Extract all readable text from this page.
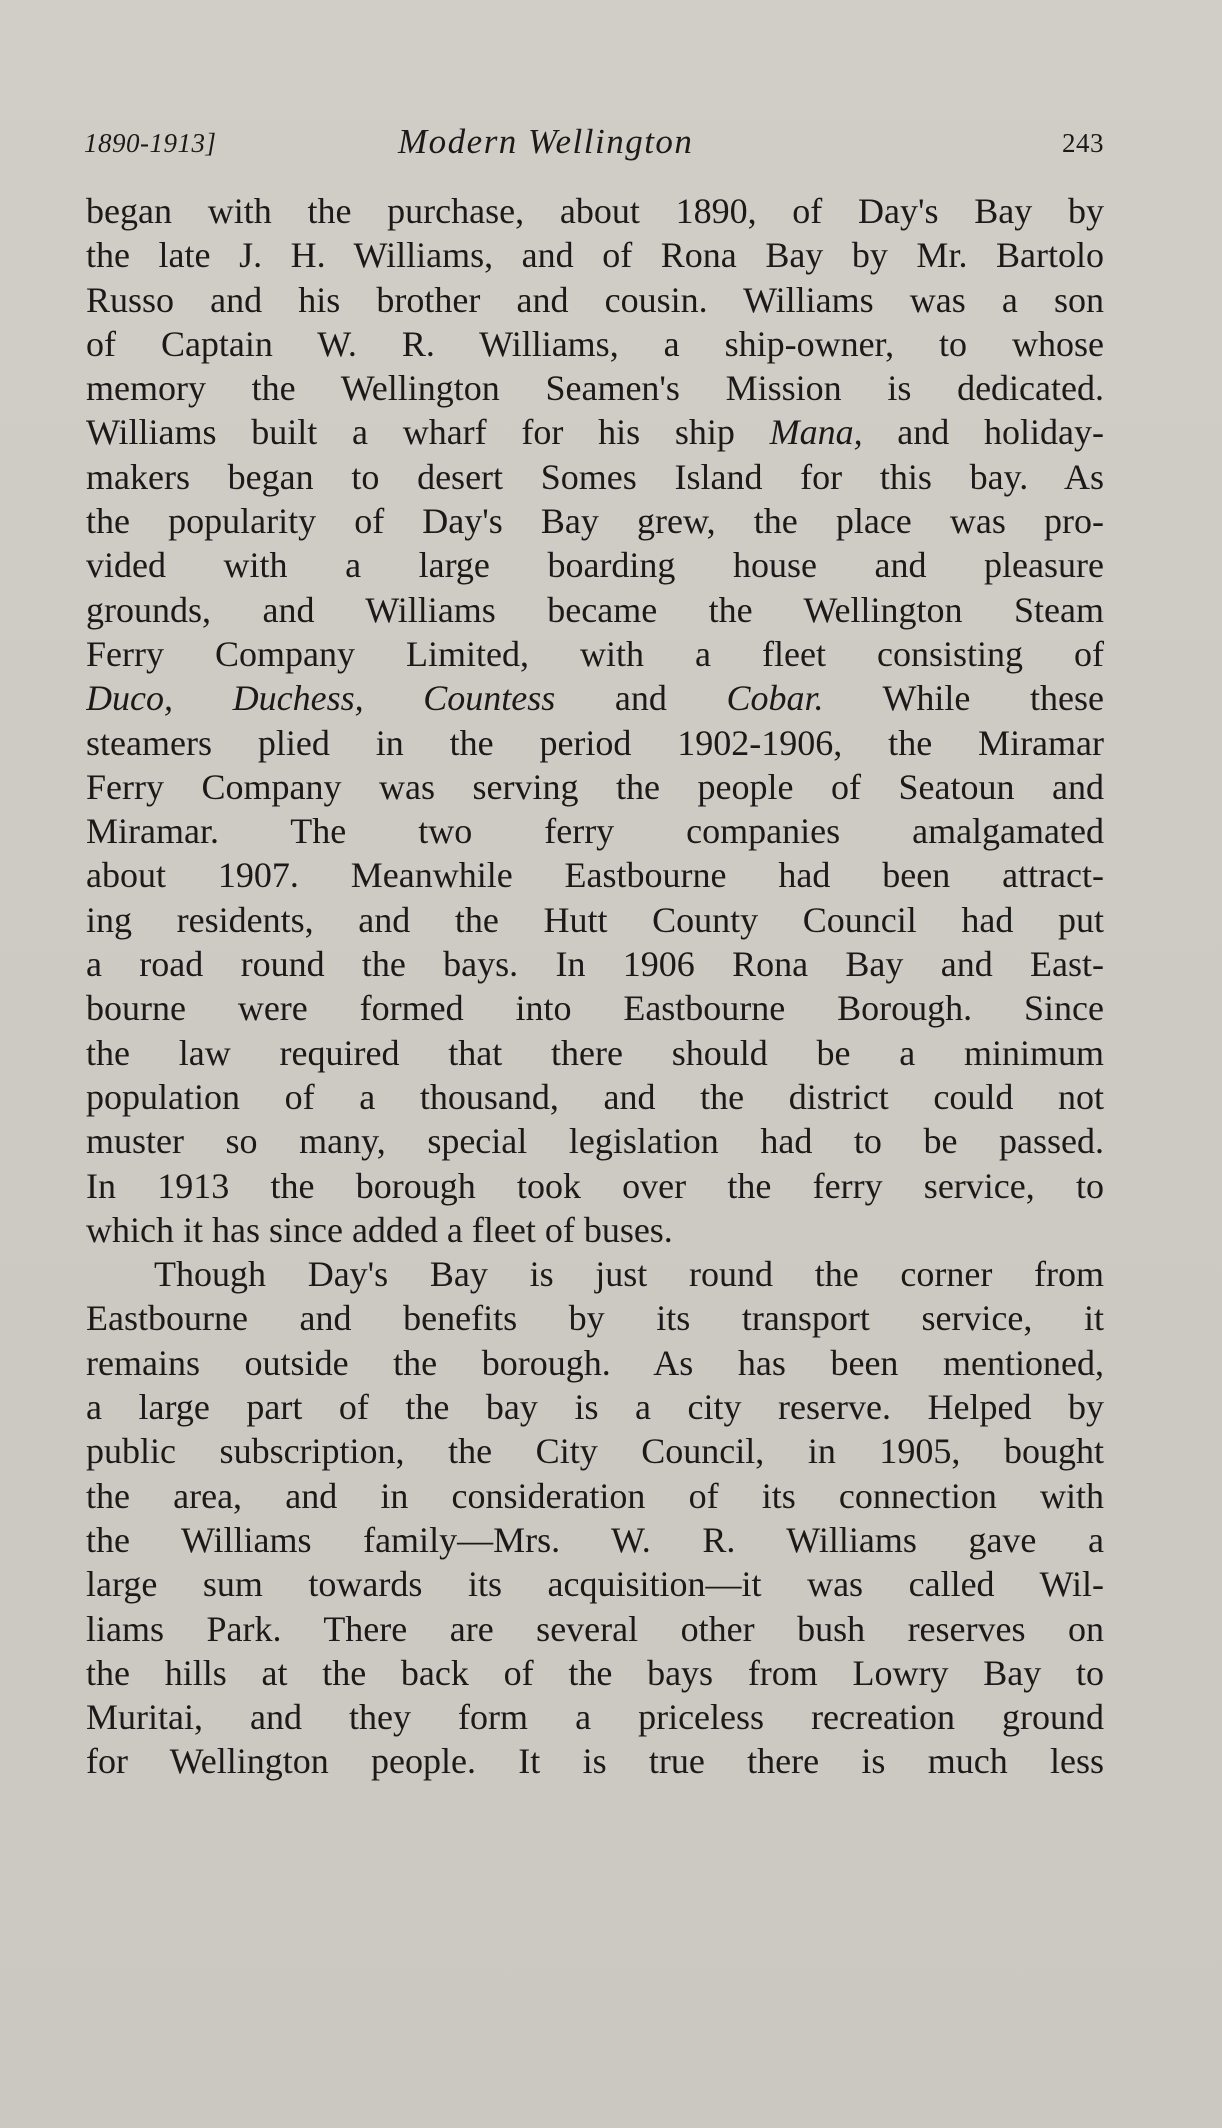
1890-1913]	Modern Wellington	243
began with the purchase, about 1890, of Day's Bay by
the late J. H. Williams, and of Rona Bay by Mr. Bartolo
Russo and his brother and cousin. Williams was a son
of Captain W. R. Williams, a ship-owner, to whose
memory the Wellington Seamen's Mission is dedicated.
Williams built a wharf for his ship Mana, and holiday-
makers began to desert Somes Island for this bay. As
the popularity of Day's Bay grew, the place was pro-
vided with a large boarding house and pleasure
grounds, and Williams became the Wellington Steam
Ferry Company Limited, with a fleet consisting of
Duco, Duchess, Countess and Cobar. While these
steamers plied in the period 1902-1906, the Miramar
Ferry Company was serving the people of Seatoun and
Miramar. The two ferry companies amalgamated
about 1907. Meanwhile Eastbourne had been attract-
ing residents, and the Hutt County Council had put
a road round the bays. In 1906 Rona Bay and East-
bourne were formed into Eastbourne Borough. Since
the law required that there should be a minimum
population of a thousand, and the district could not
muster so many, special legislation had to be passed.
In 1913 the borough took over the ferry service, to
which it has since added a fleet of buses.
Though Day's Bay is just round the corner from
Eastbourne and benefits by its transport service, it
remains outside the borough. As has been mentioned,
a large part of the bay is a city reserve. Helped by
public subscription, the City Council, in 1905, bought
the area, and in consideration of its connection with
the Williams family—Mrs. W. R. Williams gave a
large sum towards its acquisition—it was called Wil-
liams Park. There are several other bush reserves on
the hills at the back of the bays from Lowry Bay to
Muritai, and they form a priceless recreation ground
for Wellington people. It is true there is much less
